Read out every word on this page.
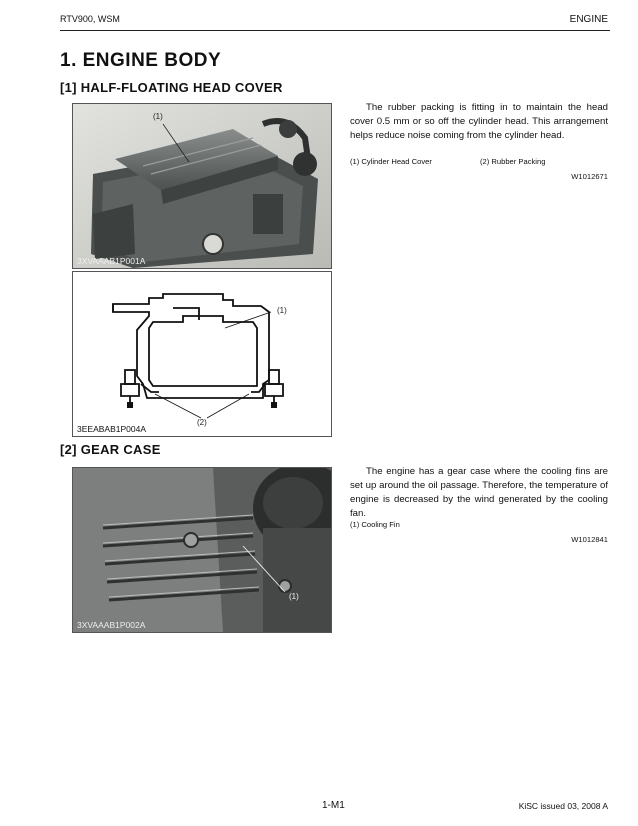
RTV900, WSM	ENGINE
1. ENGINE BODY
[1] HALF-FLOATING HEAD COVER
(1)
3XVAAAB1P001A
(1)
(2)
3EEABAB1P004A
The rubber packing is fitting in to maintain the head cover 0.5 mm or so off the cylinder head. This arrangement helps reduce noise coming from the cylinder head.
(1) Cylinder Head Cover	(2) Rubber Packing
W1012671
[2] GEAR CASE
(1)
3XVAAAB1P002A
The engine has a gear case where the cooling fins are set up around the oil passage. Therefore, the temperature of engine is decreased by the wind generated by the cooling fan.
(1) Cooling Fin
W1012841
1-M1	KiSC issued 03, 2008 A
